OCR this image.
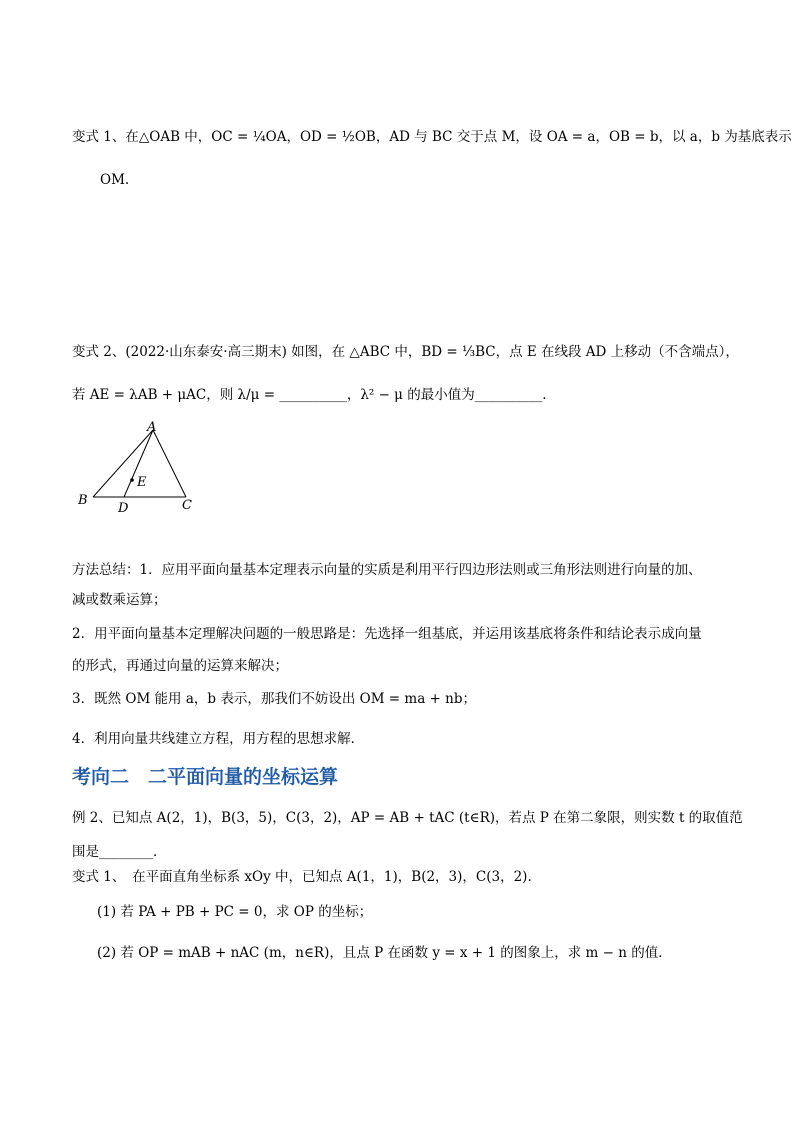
变式 1、在△OAB 中，OC = ¼OA，OD = ½OB，AD 与 BC 交于点 M，设 OA = a，OB = b，以 a，b 为基底表示
OM.
变式 2、(2022·山东泰安·高三期末) 如图，在 △ABC 中，BD = ⅓BC，点 E 在线段 AD 上移动（不含端点），
若 AE = λAB + μAC，则 λ/μ = __________，λ² − μ 的最小值为__________.
A
B	C
D
E
方法总结：1．应用平面向量基本定理表示向量的实质是利用平行四边形法则或三角形法则进行向量的加、
减或数乘运算；
2．用平面向量基本定理解决问题的一般思路是：先选择一组基底，并运用该基底将条件和结论表示成向量
的形式，再通过向量的运算来解决；
3．既然 OM 能用 a，b 表示，那我们不妨设出 OM = ma + nb；
4．利用向量共线建立方程，用方程的思想求解．
考向二　二平面向量的坐标运算
例 2、已知点 A(2，1)，B(3，5)，C(3，2)，AP = AB + tAC (t∈R)，若点 P 在第二象限，则实数 t 的取值范
围是________．
变式 1、　在平面直角坐标系 xOy 中，已知点 A(1，1)，B(2，3)，C(3，2).
(1) 若 PA + PB + PC = 0，求 OP 的坐标；
(2) 若 OP = mAB + nAC (m，n∈R)，且点 P 在函数 y = x + 1 的图象上，求 m − n 的值．
